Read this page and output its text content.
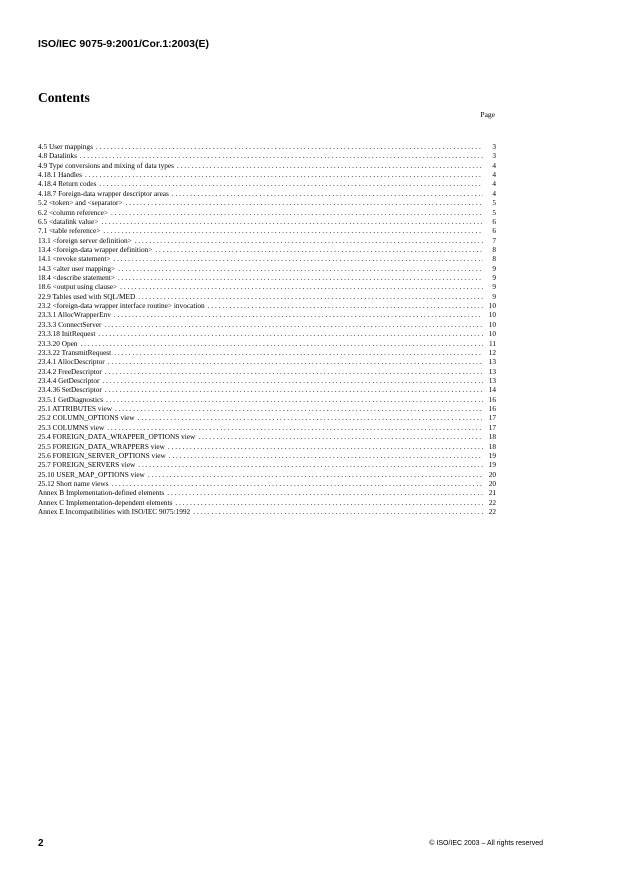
ISO/IEC 9075-9:2001/Cor.1:2003(E)
Contents
Page
4.5 User mappings . . .	3
4.8 Datalinks . . .	3
4.9 Type conversions and mixing of data types . . .	4
4.18.1 Handles . . .	4
4.18.4 Return codes . . .	4
4.18.7 Foreign-data wrapper descriptor areas . . .	4
5.2 <token> and <separator> . . .	5
6.2 <column reference> . . .	5
6.5 <datalink value> . . .	6
7.1 <table reference> . . .	6
13.1 <foreign server definition> . . .	7
13.4 <foreign-data wrapper definition> . . .	8
14.1 <revoke statement> . . .	8
14.3 <alter user mapping> . . .	9
18.4 <describe statement> . . .	9
18.6 <output using clause> . . .	9
22.9 Tables used with SQL/MED . . .	9
23.2 <foreign-data wrapper interface routine> invocation . . .	10
23.3.1 AllocWrapperEnv . . .	10
23.3.3 ConnectServer . . .	10
23.3.18 InitRequest . . .	10
23.3.20 Open . . .	11
23.3.22 TransmitRequest . . .	12
23.4.1 AllocDescriptor . . .	13
23.4.2 FreeDescriptor . . .	13
23.4.4 GetDescriptor . . .	13
23.4.36 SetDescriptor . . .	14
23.5.1 GetDiagnostics . . .	16
25.1 ATTRIBUTES view . . .	16
25.2 COLUMN_OPTIONS view . . .	17
25.3 COLUMNS view . . .	17
25.4 FOREIGN_DATA_WRAPPER_OPTIONS view . . .	18
25.5 FOREIGN_DATA_WRAPPERS view . . .	18
25.6 FOREIGN_SERVER_OPTIONS view . . .	19
25.7 FOREIGN_SERVERS view . . .	19
25.10 USER_MAP_OPTIONS view . . .	20
25.12 Short name views . . .	20
Annex B Implementation-defined elements . . .	21
Annex C Implementation-dependent elements . . .	22
Annex E Incompatibilities with ISO/IEC 9075:1992 . . .	22
2	© ISO/IEC 2003 – All rights reserved
